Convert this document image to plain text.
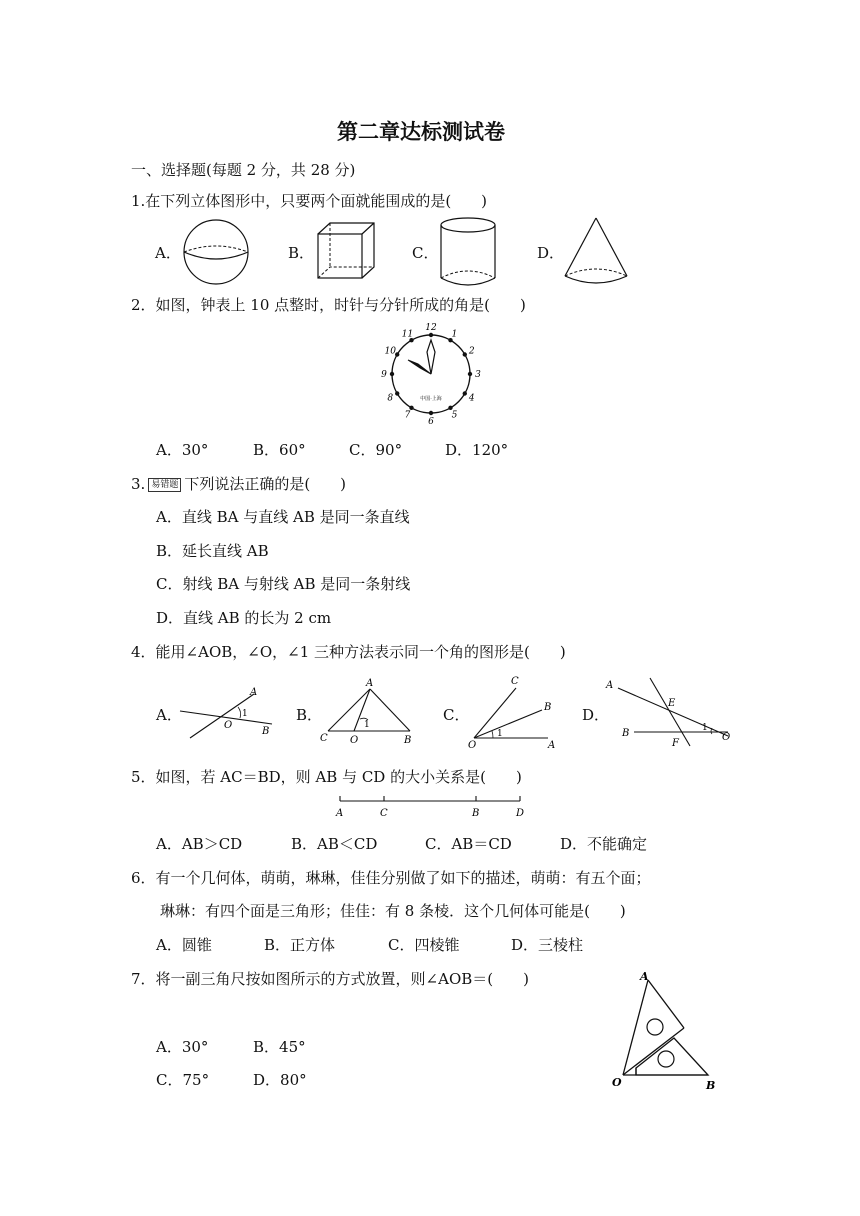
第二章达标测试卷
一、选择题(每题 2 分，共 28 分)
1.在下列立体图形中，只要两个面就能围成的是(　　)
A．	B．	C．	D．
2．如图，钟表上 10 点整时，时针与分针所成的角是(　　)
12
1
2
3
4
5
6
7
8
9
10
11
中国·上海
A．30°	B．60°	C．90°	D．120°
3. 易错题 下列说法正确的是(　　)
A．直线 BA 与直线 AB 是同一条直线
B．延长直线 AB
C．射线 BA 与射线 AB 是同一条射线
D．直线 AB 的长为 2 cm
4．能用∠AOB，∠O，∠1 三种方法表示同一个角的图形是(　　)
A．	B．	C．	D．
A
1
O
B
A
1
C O	B
C
B
1
O	A
A
E
B
F
1
O
5．如图，若 AC＝BD，则 AB 与 CD 的大小关系是(　　)
A	C	B	D
A．AB＞CD	B．AB＜CD	C．AB＝CD	D．不能确定
6．有一个几何体，萌萌，琳琳，佳佳分别做了如下的描述，萌萌：有五个面；
琳琳：有四个面是三角形；佳佳：有 8 条棱．这个几何体可能是(　　)
A．圆锥	B．正方体	C．四棱锥	D．三棱柱
7．将一副三角尺按如图所示的方式放置，则∠AOB＝(　　)
A．30°	B．45°
C．75°	D．80°
A
O	B
